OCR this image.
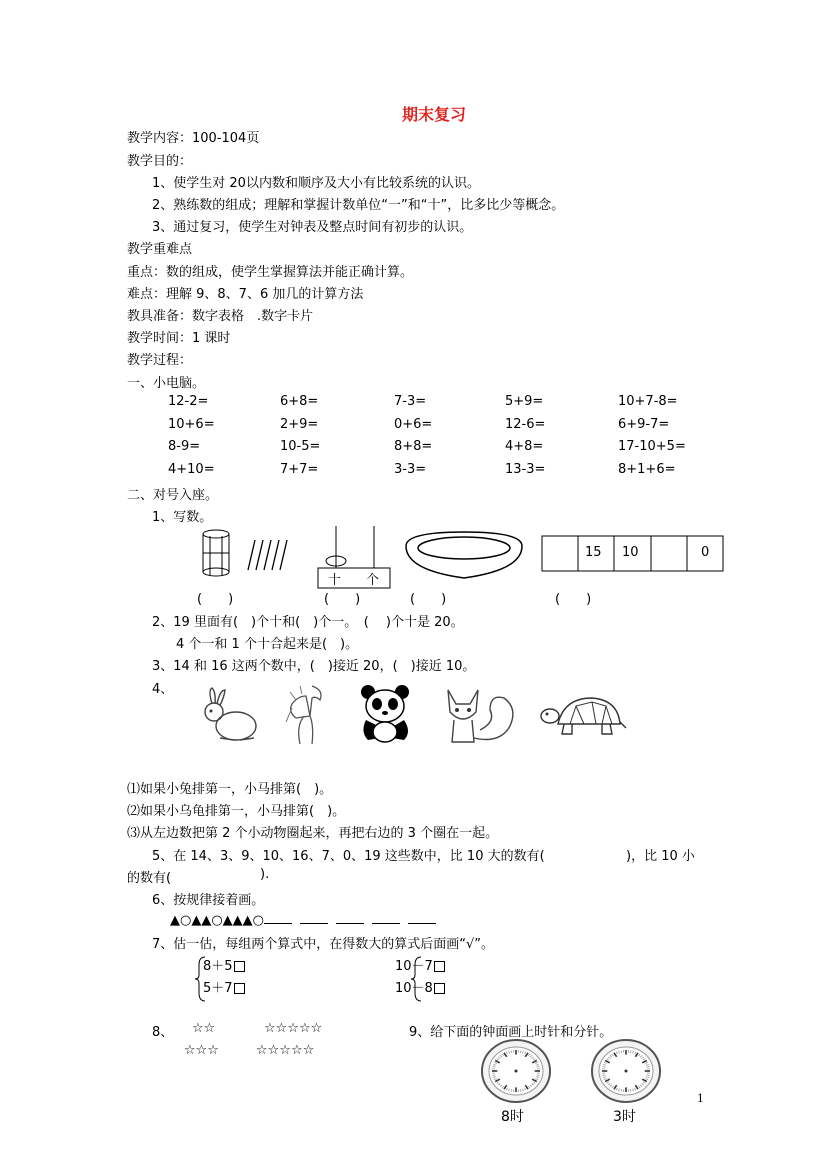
期末复习
教学内容：100-104页
教学目的：
1、使学生对 20以内数和顺序及大小有比较系统的认识。
2、熟练数的组成；理解和掌握计数单位“一”和“十”，比多比少等概念。
3、通过复习，使学生对钟表及整点时间有初步的认识。
教学重难点
重点：数的组成，使学生掌握算法并能正确计算。
难点：理解 9、8、7、6 加几的计算方法
教具准备：数字表格　.数字卡片
教学时间：1 课时
教学过程：
一、小电脑。
12-2=	6+8=	7-3=	5+9=	10+7-8=
10+6=	2+9=	0+6=	12-6=	6+9-7=
8-9=	10-5=	8+8=	4+8=	17-10+5=
4+10=	7+7=	3-3=	13-3=	8+1+6=
二、对号入座。
1、写数。
十 个
15 10	0
(　　)	(　　)	(　　)	(　　)
2、19 里面有(　)个十和(　)个一。　(　 )个十是 20。
4 个一和 1 个十合起来是(　)。
3、14 和 16 这两个数中，(　)接近 20，(　)接近 10。
4、
⑴如果小兔排第一，小马排第(　)。
⑵如果小乌龟排第一，小马排第(　)。
⑶从左边数把第 2 个小动物圈起来，再把右边的 3 个圈在一起。
5、在 14、3、9、10、16、7、0、19 这些数中，比 10 大的数有(	)，比 10 小
的数有(	).
6、按规律接着画。
▲○▲▲○▲▲▲○
7、估一估，每组两个算式中，在得数大的算式后面画“√”。
8＋5
5＋7
10－7
10－8
8、 ☆☆	☆☆☆☆☆
☆☆☆	☆☆☆☆☆
9、给下面的钟面画上时针和分针。
8时	3时
1
